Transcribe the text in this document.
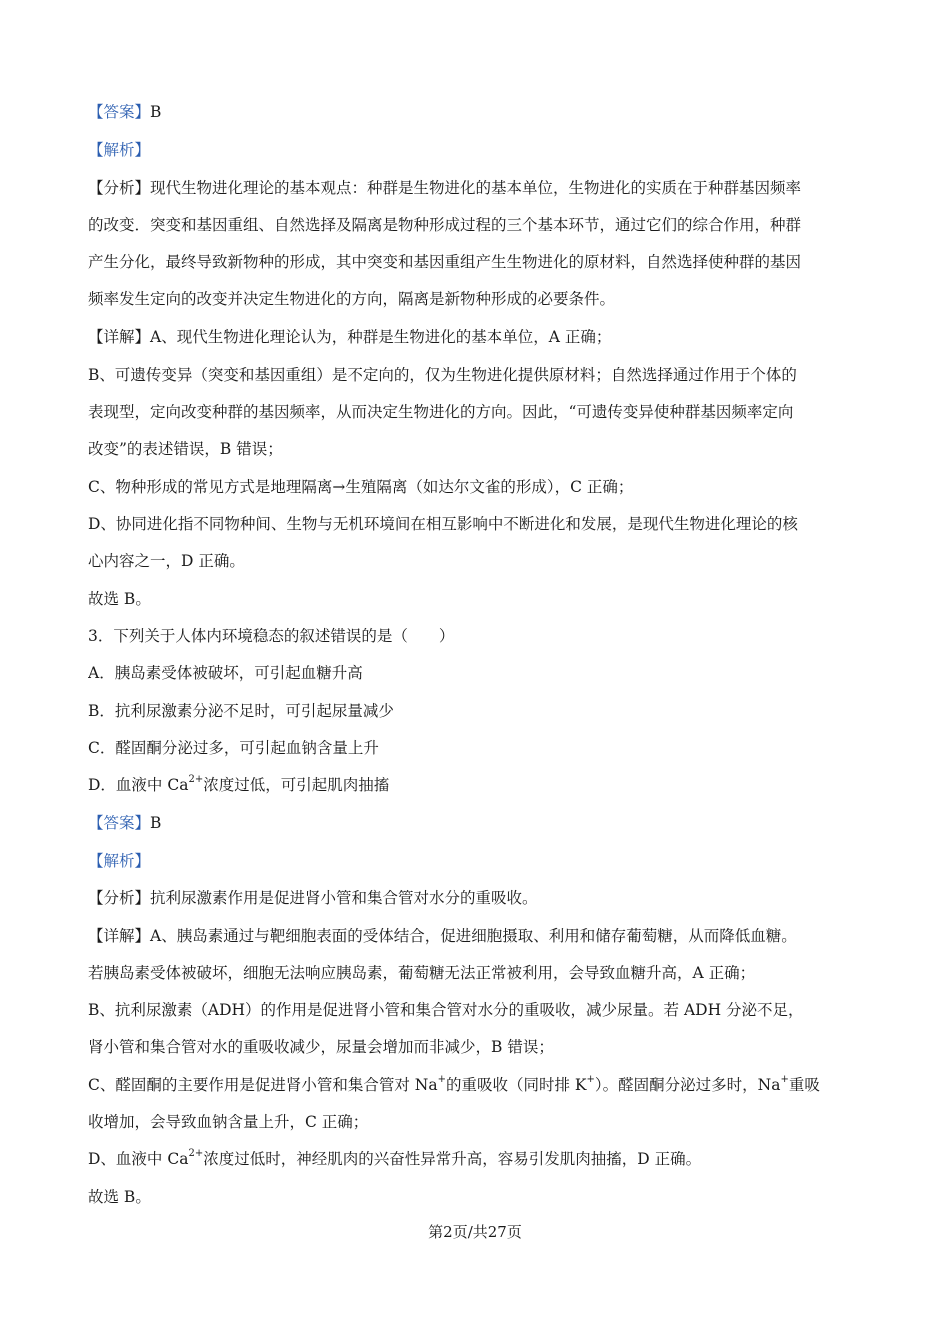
【答案】B
【解析】
【分析】现代生物进化理论的基本观点：种群是生物进化的基本单位，生物进化的实质在于种群基因频率
的改变．突变和基因重组、自然选择及隔离是物种形成过程的三个基本环节，通过它们的综合作用，种群
产生分化，最终导致新物种的形成，其中突变和基因重组产生生物进化的原材料，自然选择使种群的基因
频率发生定向的改变并决定生物进化的方向，隔离是新物种形成的必要条件。
【详解】A、现代生物进化理论认为，种群是生物进化的基本单位，A 正确；
B、可遗传变异（突变和基因重组）是不定向的，仅为生物进化提供原材料；自然选择通过作用于个体的
表现型，定向改变种群的基因频率，从而决定生物进化的方向。因此，“可遗传变异使种群基因频率定向
改变”的表述错误，B 错误；
C、物种形成的常见方式是地理隔离→生殖隔离（如达尔文雀的形成），C 正确；
D、协同进化指不同物种间、生物与无机环境间在相互影响中不断进化和发展，是现代生物进化理论的核
心内容之一，D 正确。
故选 B。
3．下列关于人体内环境稳态的叙述错误的是（　　）
A．胰岛素受体被破坏，可引起血糖升高
B．抗利尿激素分泌不足时，可引起尿量减少
C．醛固酮分泌过多，可引起血钠含量上升
D．血液中 $Ca^{2+}$浓度过低，可引起肌肉抽搐
【答案】B
【解析】
【分析】抗利尿激素作用是促进肾小管和集合管对水分的重吸收。
【详解】A、胰岛素通过与靶细胞表面的受体结合，促进细胞摄取、利用和储存葡萄糖，从而降低血糖。
若胰岛素受体被破坏，细胞无法响应胰岛素，葡萄糖无法正常被利用，会导致血糖升高，A 正确；
B、抗利尿激素（ADH）的作用是促进肾小管和集合管对水分的重吸收，减少尿量。若 ADH 分泌不足，
肾小管和集合管对水的重吸收减少，尿量会增加而非减少，B 错误；
C、醛固酮的主要作用是促进肾小管和集合管对 Na+的重吸收（同时排 K+）。醛固酮分泌过多时，Na+重吸
收增加，会导致血钠含量上升，C 正确；
D、血液中 $Ca^{2+}$浓度过低时，神经肌肉的兴奋性异常升高，容易引发肌肉抽搐，D 正确。
故选 B。
第2页/共27页
